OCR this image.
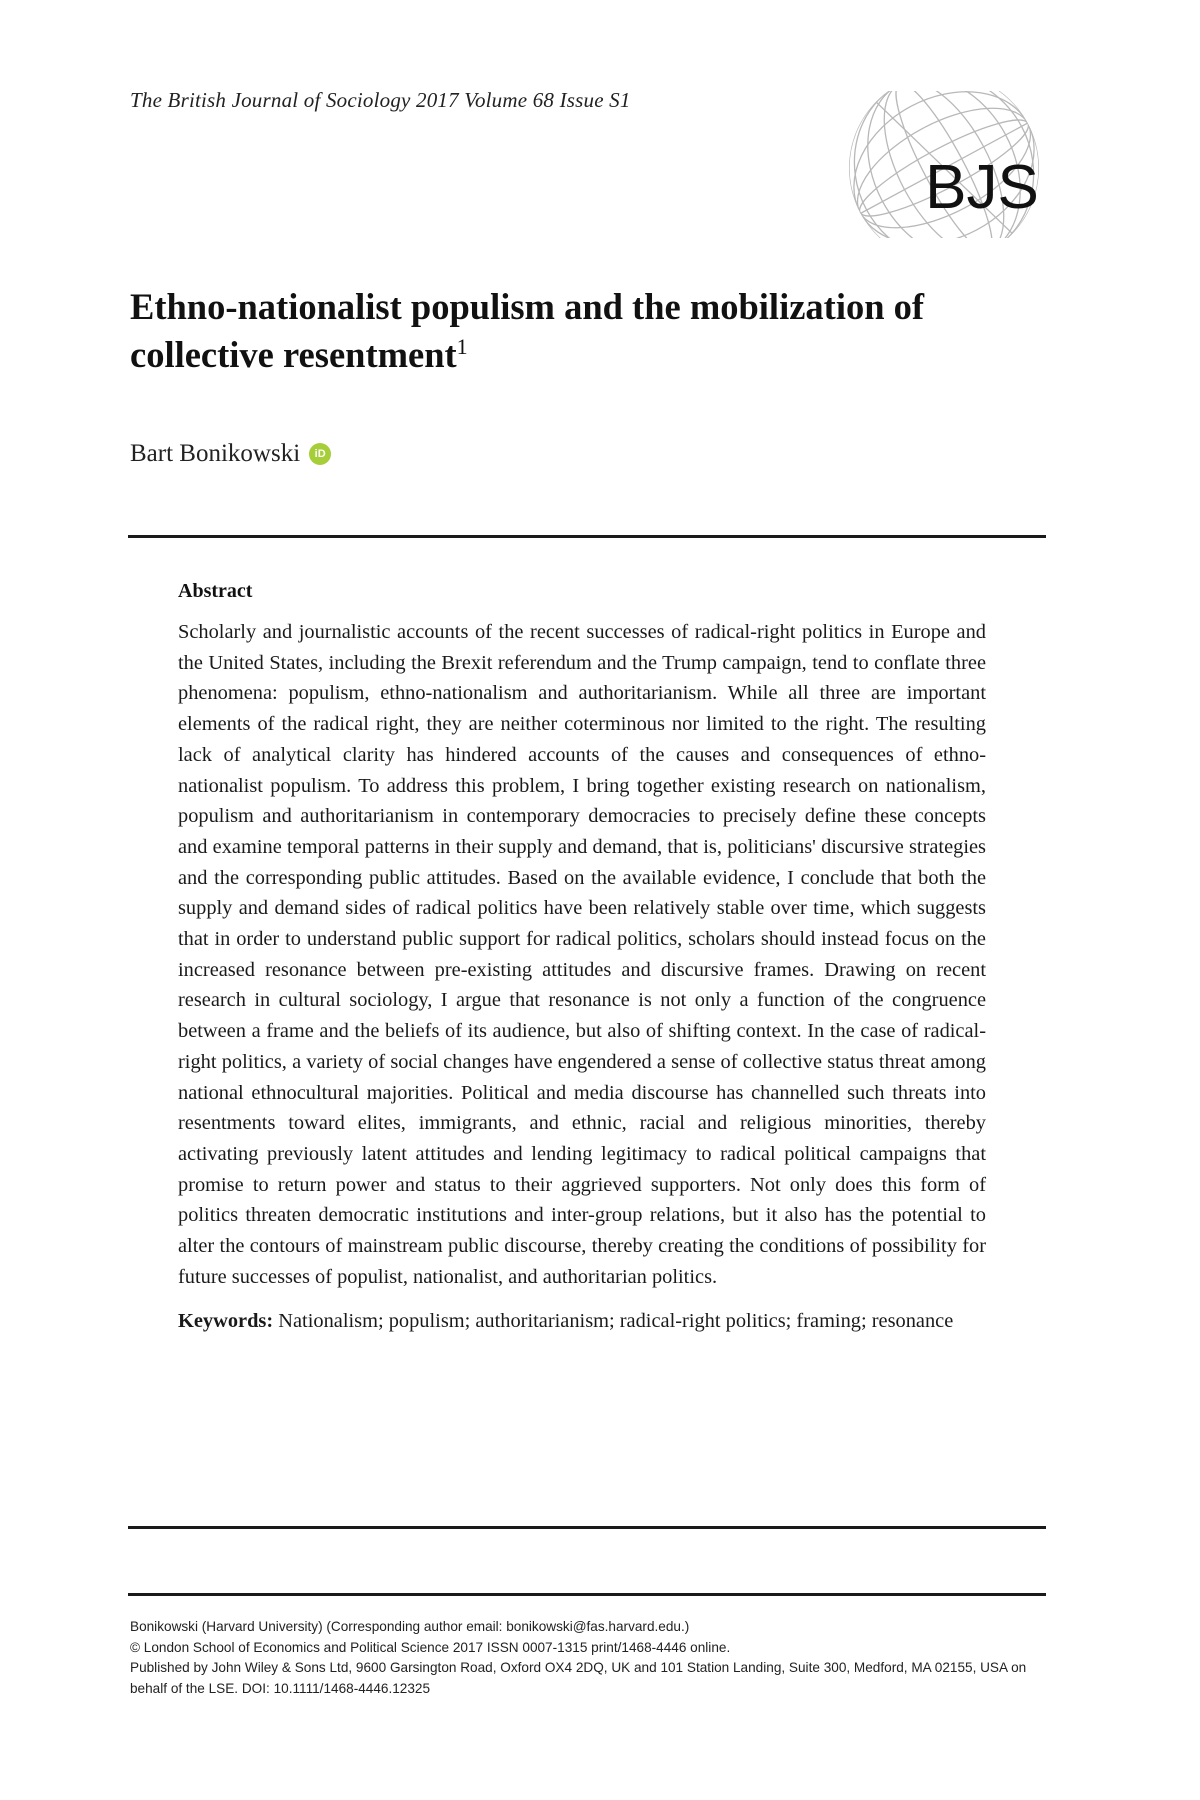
The British Journal of Sociology 2017 Volume 68 Issue S1
BJS
Ethno-nationalist populism and the mobilization of collective resentment$^1$
Bart Bonikowski	iD
Abstract

Scholarly and journalistic accounts of the recent successes of radical-right politics in Europe and the United States, including the Brexit referendum and the Trump campaign, tend to conflate three phenomena: populism, ethno-nationalism and authoritarianism. While all three are important elements of the radical right, they are neither coterminous nor limited to the right. The resulting lack of analytical clarity has hindered accounts of the causes and consequences of ethno-nationalist populism. To address this problem, I bring together existing research on nationalism, populism and authoritarianism in contemporary democracies to precisely define these concepts and examine temporal patterns in their supply and demand, that is, politicians' discursive strategies and the corresponding public attitudes. Based on the available evidence, I conclude that both the supply and demand sides of radical politics have been relatively stable over time, which suggests that in order to understand public support for radical politics, scholars should instead focus on the increased resonance between pre-existing attitudes and discursive frames. Drawing on recent research in cultural sociology, I argue that resonance is not only a function of the congruence between a frame and the beliefs of its audience, but also of shifting context. In the case of radical-right politics, a variety of social changes have engendered a sense of collective status threat among national ethnocultural majorities. Political and media discourse has channelled such threats into resentments toward elites, immigrants, and ethnic, racial and religious minorities, thereby activating previously latent attitudes and lending legitimacy to radical political campaigns that promise to return power and status to their aggrieved supporters. Not only does this form of politics threaten democratic institutions and inter-group relations, but it also has the potential to alter the contours of mainstream public discourse, thereby creating the conditions of possibility for future successes of populist, nationalist, and authoritarian politics.

Keywords: Nationalism; populism; authoritarianism; radical-right politics; framing; resonance

Bonikowski (Harvard University) (Corresponding author email: bonikowski@fas.harvard.edu.)
© London School of Economics and Political Science 2017 ISSN 0007-1315 print/1468-4446 online.
Published by John Wiley & Sons Ltd, 9600 Garsington Road, Oxford OX4 2DQ, UK and 101 Station Landing, Suite 300, Medford, MA 02155, USA on behalf of the LSE. DOI: 10.1111/1468-4446.12325
